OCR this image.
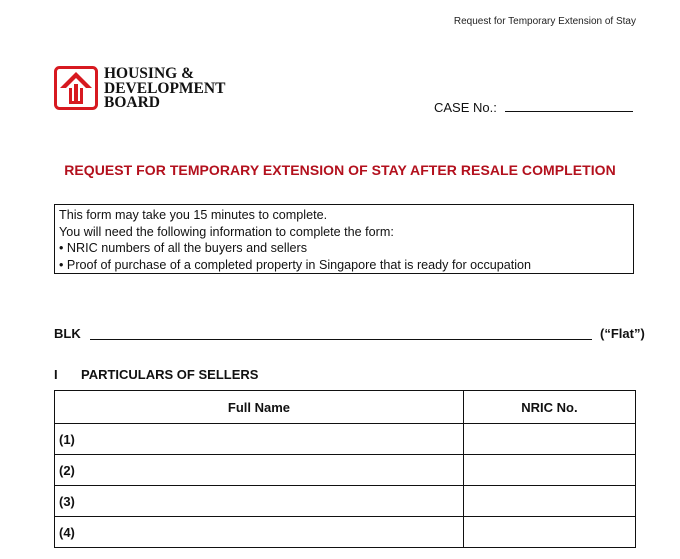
Request for Temporary Extension of Stay
HOUSING &
DEVELOPMENT
BOARD	CASE No.:
REQUEST FOR TEMPORARY EXTENSION OF STAY AFTER RESALE COMPLETION
This form may take you 15 minutes to complete.
You will need the following information to complete the form:
• NRIC numbers of all the buyers and sellers
• Proof of purchase of a completed property in Singapore that is ready for occupation
BLK	(“Flat”)
I PARTICULARS OF SELLERS
Full Name	NRIC No.
(1)	
(2)	
(3)	
(4)	
